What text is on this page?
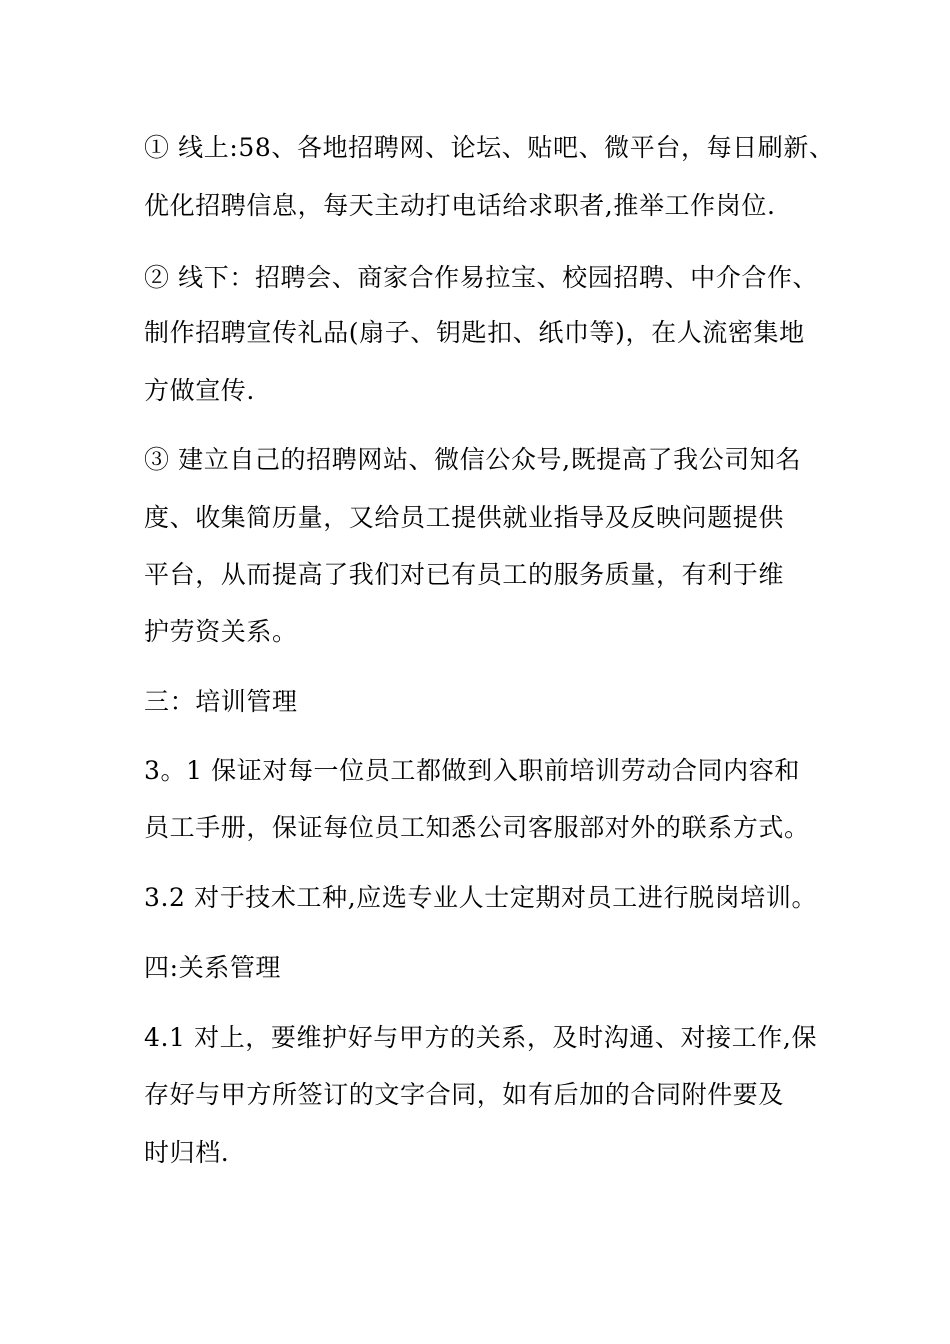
① 线上:58、各地招聘网、论坛、贴吧、微平台，每日刷新、
优化招聘信息，每天主动打电话给求职者,推举工作岗位.
② 线下：招聘会、商家合作易拉宝、校园招聘、中介合作、
制作招聘宣传礼品(扇子、钥匙扣、纸巾等)，在人流密集地
方做宣传.
③ 建立自己的招聘网站、微信公众号,既提高了我公司知名
度、收集简历量，又给员工提供就业指导及反映问题提供
平台，从而提高了我们对已有员工的服务质量，有利于维
护劳资关系。
三：培训管理
3。1 保证对每一位员工都做到入职前培训劳动合同内容和
员工手册，保证每位员工知悉公司客服部对外的联系方式。
3.2 对于技术工种,应选专业人士定期对员工进行脱岗培训。
四:关系管理
4.1 对上，要维护好与甲方的关系，及时沟通、对接工作,保
存好与甲方所签订的文字合同，如有后加的合同附件要及
时归档.
